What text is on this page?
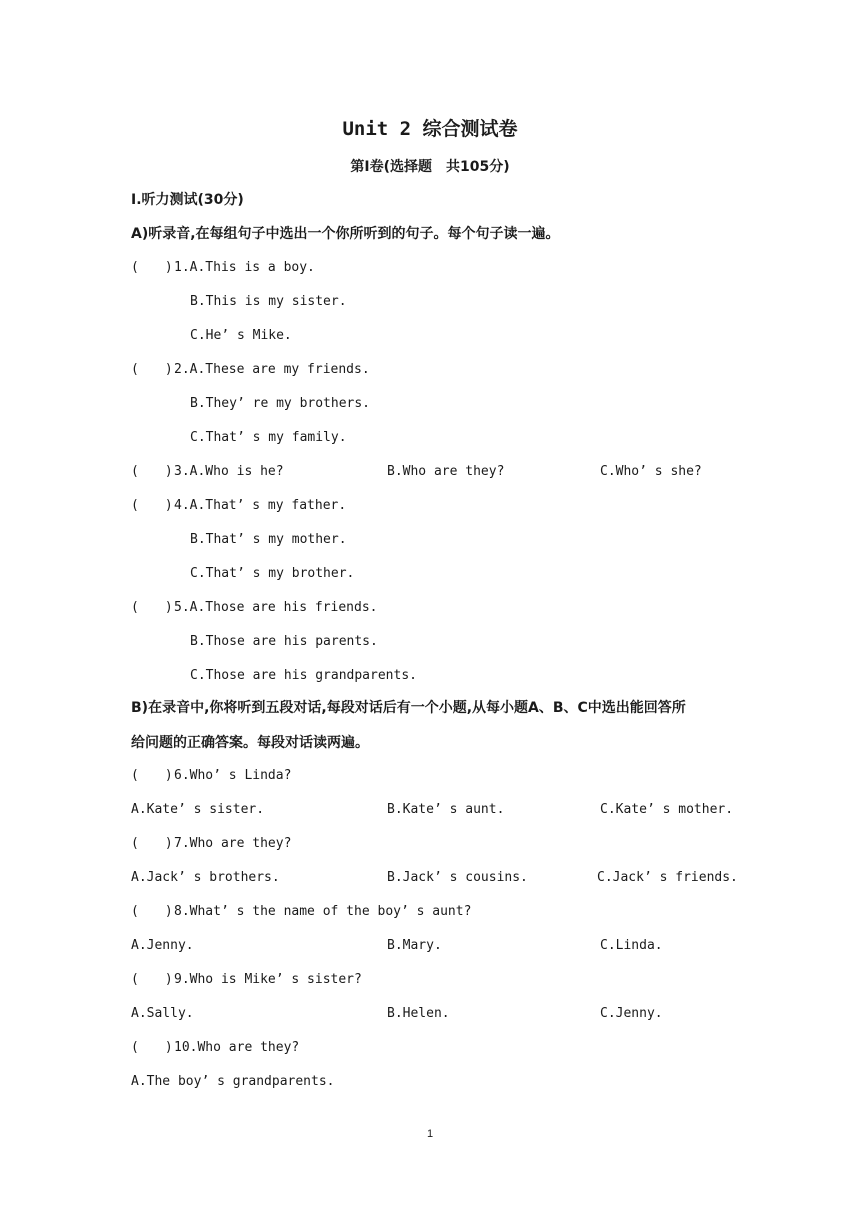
Unit 2 综合测试卷
第Ⅰ卷(选择题　共105分)
Ⅰ.听力测试(30分)
A)听录音,在每组句子中选出一个你所听到的句子。每个句子读一遍。
(　　) 1.A.This is a boy.
B.This is my sister.
C.He’ s Mike.
(　　) 2.A.These are my friends.
B.They’ re my brothers.
C.That’ s my family.
(　　) 3.A.Who is he?	B.Who are they?	C.Who’ s she?
(　　) 4.A.That’ s my father.
B.That’ s my mother.
C.That’ s my brother.
(　　) 5.A.Those are his friends.
B.Those are his parents.
C.Those are his grandparents.
B)在录音中,你将听到五段对话,每段对话后有一个小题,从每小题A、B、C中选出能回答所
给问题的正确答案。每段对话读两遍。
(　　) 6.Who’ s Linda?
A.Kate’ s sister.	B.Kate’ s aunt.	C.Kate’ s mother.
(　　) 7.Who are they?
A.Jack’ s brothers.	B.Jack’ s cousins.	C.Jack’ s friends.
(　　) 8.What’ s the name of the boy’ s aunt?
A.Jenny.	B.Mary.	C.Linda.
(　　) 9.Who is Mike’ s sister?
A.Sally.	B.Helen.	C.Jenny.
(　　) 10.Who are they?
A.The boy’ s grandparents.
1
